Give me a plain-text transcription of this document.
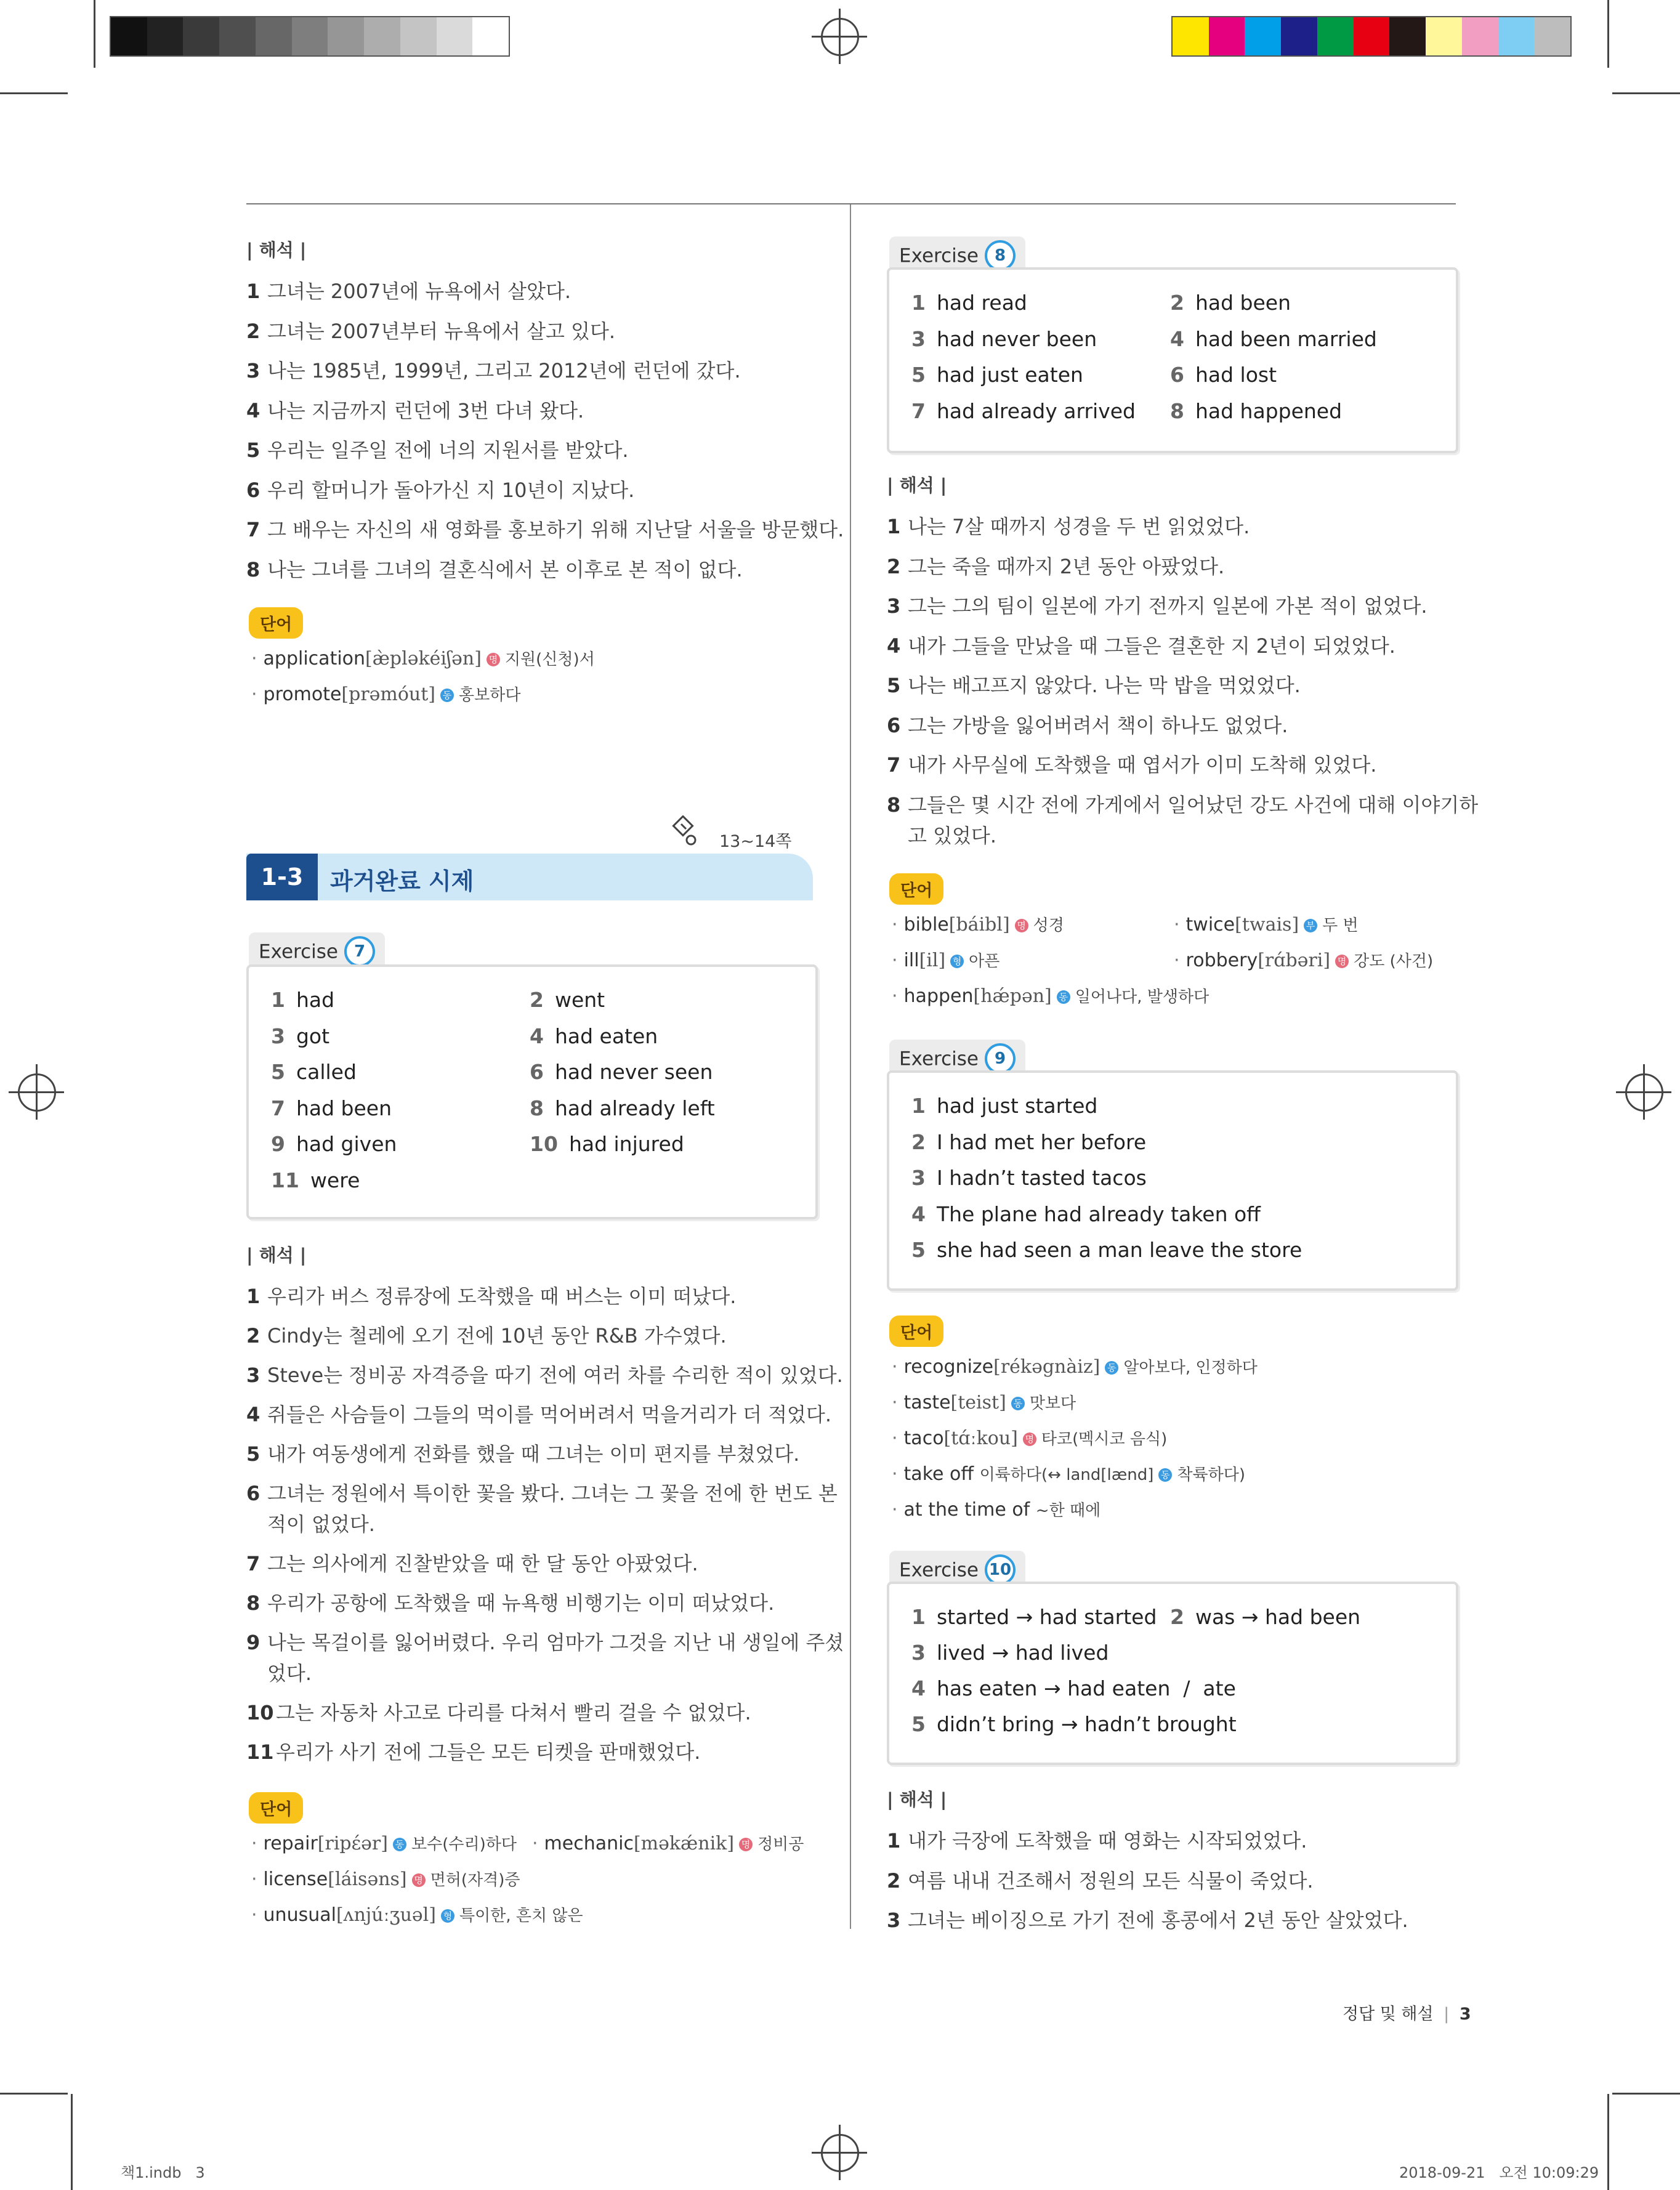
| 해석 |
1 그녀는 2007년에 뉴욕에서 살았다.
2 그녀는 2007년부터 뉴욕에서 살고 있다.
3 나는 1985년, 1999년, 그리고 2012년에 런던에 갔다.
4 나는 지금까지 런던에 3번 다녀 왔다.
5 우리는 일주일 전에 너의 지원서를 받았다.
6 우리 할머니가 돌아가신 지 10년이 지났다.
7 그 배우는 자신의 새 영화를 홍보하기 위해 지난달 서울을 방문했다.
8 나는 그녀를 그녀의 결혼식에서 본 이후로 본 적이 없다.
단어
· application[æ̀pləkéiʃən] 명 지원(신청)서
· promote[prəmóut] 동 홍보하다
13~14쪽
1-3	과거완료 시제
Exercise 7
1 had	2 went
3 got	4 had eaten
5 called	6 had never seen
7 had been	8 had already left
9 had given	10 had injured
11 were
| 해석 |
1 우리가 버스 정류장에 도착했을 때 버스는 이미 떠났다.
2 Cindy는 철레에 오기 전에 10년 동안 R&B 가수였다.
3 Steve는 정비공 자격증을 따기 전에 여러 차를 수리한 적이 있었다.
4 쥐들은 사슴들이 그들의 먹이를 먹어버려서 먹을거리가 더 적었다.
5 내가 여동생에게 전화를 했을 때 그녀는 이미 편지를 부쳤었다.
6 그녀는 정원에서 특이한 꽃을 봤다. 그녀는 그 꽃을 전에 한 번도 본
적이 없었다.
7 그는 의사에게 진찰받았을 때 한 달 동안 아팠었다.
8 우리가 공항에 도착했을 때 뉴욕행 비행기는 이미 떠났었다.
9 나는 목걸이를 잃어버렸다. 우리 엄마가 그것을 지난 내 생일에 주셨
었다.
10 그는 자동차 사고로 다리를 다쳐서 빨리 걸을 수 없었다.
11 우리가 사기 전에 그들은 모든 티켓을 판매했었다.
단어
· repair[ripέər] 동 보수(수리)하다 · mechanic[məkǽnik] 명 정비공
· license[láisəns] 명 면허(자격)증
· unusual[ʌnjúːʒuəl] 형 특이한, 흔치 않은
Exercise 8
1 had read	2 had been
3 had never been	4 had been married
5 had just eaten	6 had lost
7 had already arrived 8 had happened
| 해석 |
1 나는 7살 때까지 성경을 두 번 읽었었다.
2 그는 죽을 때까지 2년 동안 아팠었다.
3 그는 그의 팀이 일본에 가기 전까지 일본에 가본 적이 없었다.
4 내가 그들을 만났을 때 그들은 결혼한 지 2년이 되었었다.
5 나는 배고프지 않았다. 나는 막 밥을 먹었었다.
6 그는 가방을 잃어버려서 책이 하나도 없었다.
7 내가 사무실에 도착했을 때 엽서가 이미 도착해 있었다.
8 그들은 몇 시간 전에 가게에서 일어났던 강도 사건에 대해 이야기하
고 있었다.
단어
· bible[báibl] 명 성경	· twice[twais] 부 두 번
· ill[il] 형 아픈	· robbery[rɑ́bəri] 명 강도 (사건)
· happen[hǽpən] 동 일어나다, 발생하다
Exercise 9
1 had just started
2 I had met her before
3 I hadn’t tasted tacos
4 The plane had already taken off
5 she had seen a man leave the store
단어
· recognize[rékəgnàiz] 동 알아보다, 인정하다
· taste[teist] 동 맛보다
· taco[tɑ́ːkou] 명 타코(멕시코 음식)
· take off 이륙하다(↔ land[lænd] 동 착륙하다)
· at the time of ~한 때에
Exercise 10
1 started → had started 2 was → had been
3 lived → had lived
4 has eaten → had eaten  /  ate
5 didn’t bring → hadn’t brought
| 해석 |
1 내가 극장에 도착했을 때 영화는 시작되었었다.
2 여름 내내 건조해서 정원의 모든 식물이 죽었다.
3 그녀는 베이징으로 가기 전에 홍콩에서 2년 동안 살았었다.
정답 및 해설 | 3
책1.indb   3	2018-09-21   오전 10:09:29
